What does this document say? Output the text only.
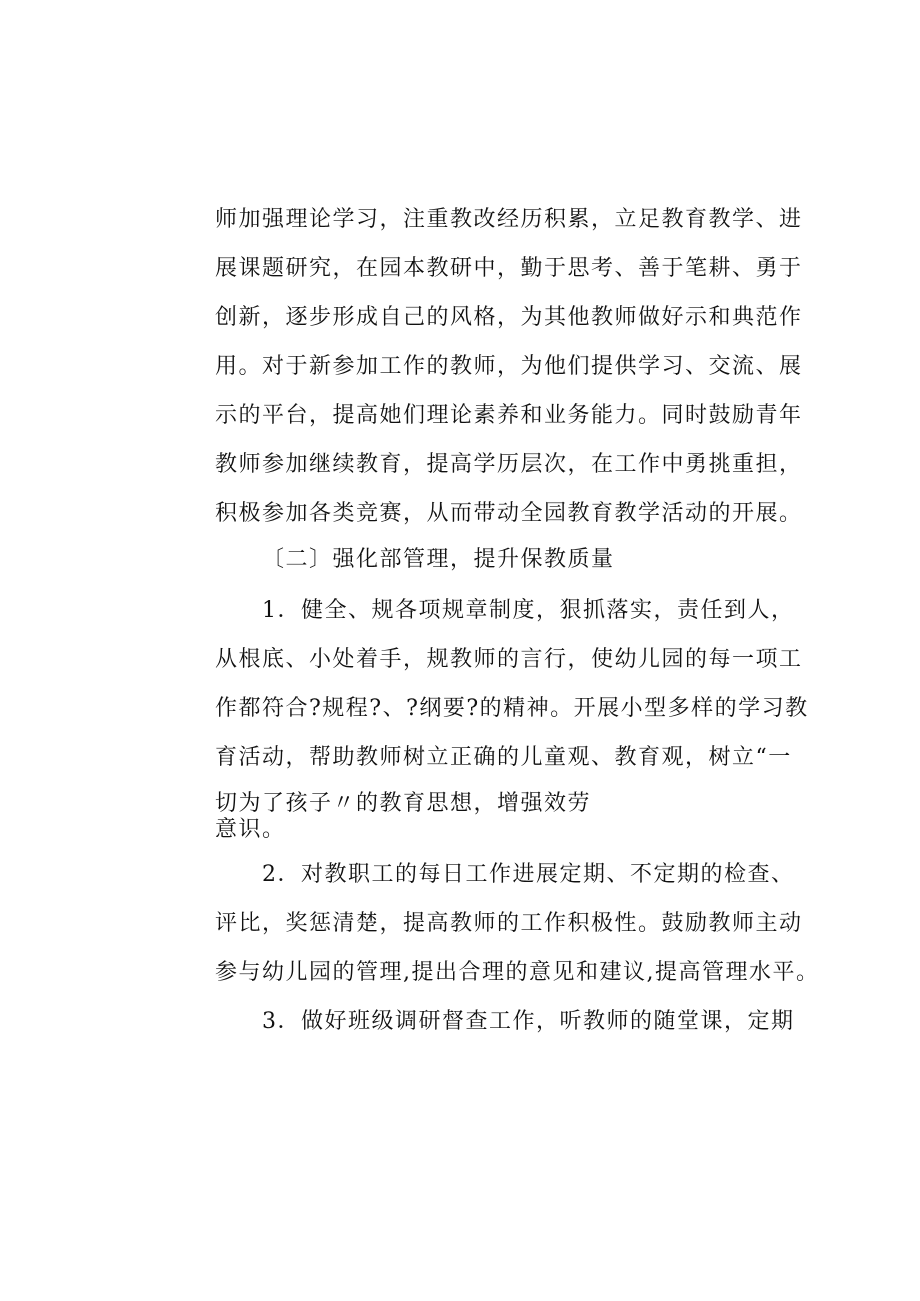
师加强理论学习，注重教改经历积累，立足教育教学、进
展课题研究，在园本教研中，勤于思考、善于笔耕、勇于
创新，逐步形成自己的风格，为其他教师做好示和典范作
用。对于新参加工作的教师，为他们提供学习、交流、展
示的平台，提高她们理论素养和业务能力。同时鼓励青年
教师参加继续教育，提高学历层次，在工作中勇挑重担，
积极参加各类竞赛，从而带动全园教育教学活动的开展。
〔二〕强化部管理，提升保教质量
1．健全、规各项规章制度，狠抓落实，责任到人，
从根底、小处着手，规教师的言行，使幼儿园的每一项工
作都符合?规程?、?纲要?的精神。开展小型多样的学习教
育活动，帮助教师树立正确的儿童观、教育观，树立“一
切为了孩子〃的教育思想，增强效劳
意识。
2．对教职工的每日工作进展定期、不定期的检查、
评比，奖惩清楚，提高教师的工作积极性。鼓励教师主动
参与幼儿园的管理,提出合理的意见和建议,提高管理水平。
3．做好班级调研督查工作，听教师的随堂课，定期
